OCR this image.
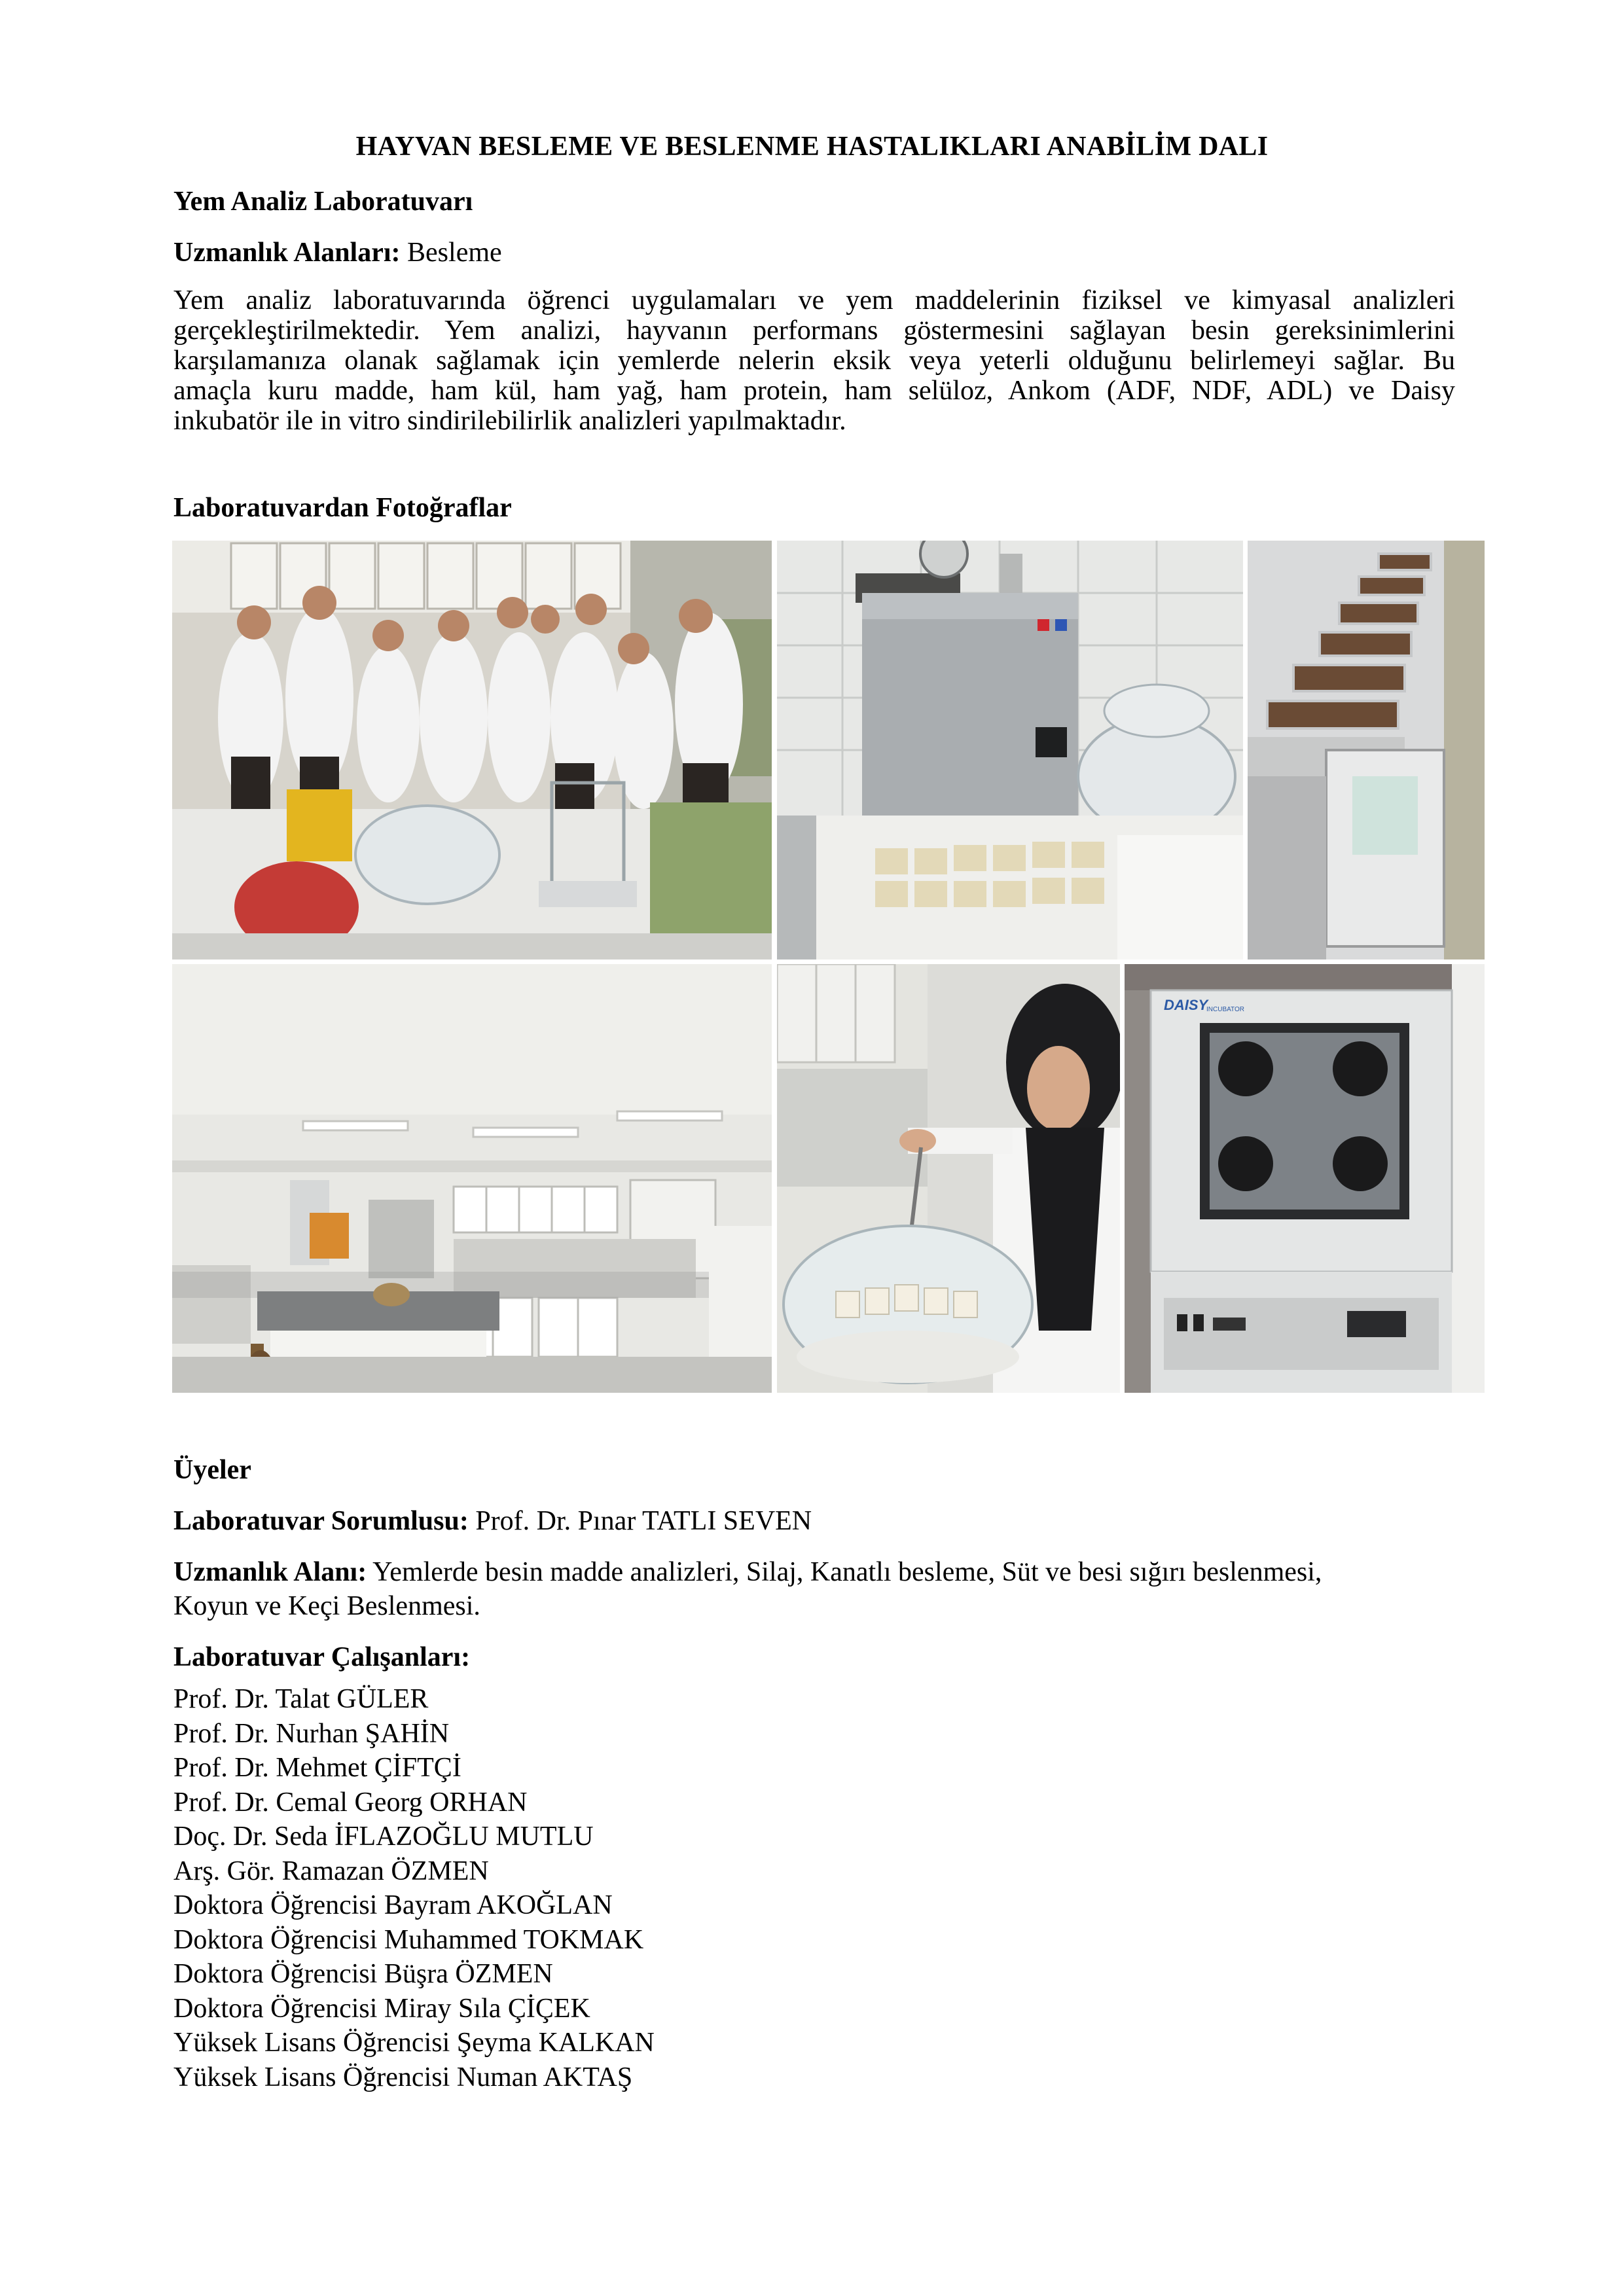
HAYVAN BESLEME VE BESLENME HASTALIKLARI ANABİLİM DALI
Yem Analiz Laboratuvarı
Uzmanlık Alanları: Besleme
Yem analiz laboratuvarında öğrenci uygulamaları ve yem maddelerinin fiziksel ve kimyasal analizleri
gerçekleştirilmektedir. Yem analizi, hayvanın performans göstermesini sağlayan besin gereksinimlerini
karşılamanıza olanak sağlamak için yemlerde nelerin eksik veya yeterli olduğunu belirlemeyi sağlar. Bu
amaçla kuru madde, ham kül, ham yağ, ham protein, ham selüloz, Ankom (ADF, NDF, ADL) ve Daisy
inkubatör ile in vitro sindirilebilirlik analizleri yapılmaktadır.
Laboratuvardan Fotoğraflar
DAISY
INCUBATOR
Üyeler
Laboratuvar Sorumlusu: Prof. Dr. Pınar TATLI SEVEN
Uzmanlık Alanı: Yemlerde besin madde analizleri, Silaj, Kanatlı besleme, Süt ve besi sığırı beslenmesi,
Koyun ve Keçi Beslenmesi.
Laboratuvar Çalışanları:
Prof. Dr. Talat GÜLER
Prof. Dr. Nurhan ŞAHİN
Prof. Dr. Mehmet ÇİFTÇİ
Prof. Dr. Cemal Georg ORHAN
Doç. Dr. Seda İFLAZOĞLU MUTLU
Arş. Gör. Ramazan ÖZMEN
Doktora Öğrencisi Bayram AKOĞLAN
Doktora Öğrencisi Muhammed TOKMAK
Doktora Öğrencisi Büşra ÖZMEN
Doktora Öğrencisi Miray Sıla ÇİÇEK
Yüksek Lisans Öğrencisi Şeyma KALKAN
Yüksek Lisans Öğrencisi Numan AKTAŞ
